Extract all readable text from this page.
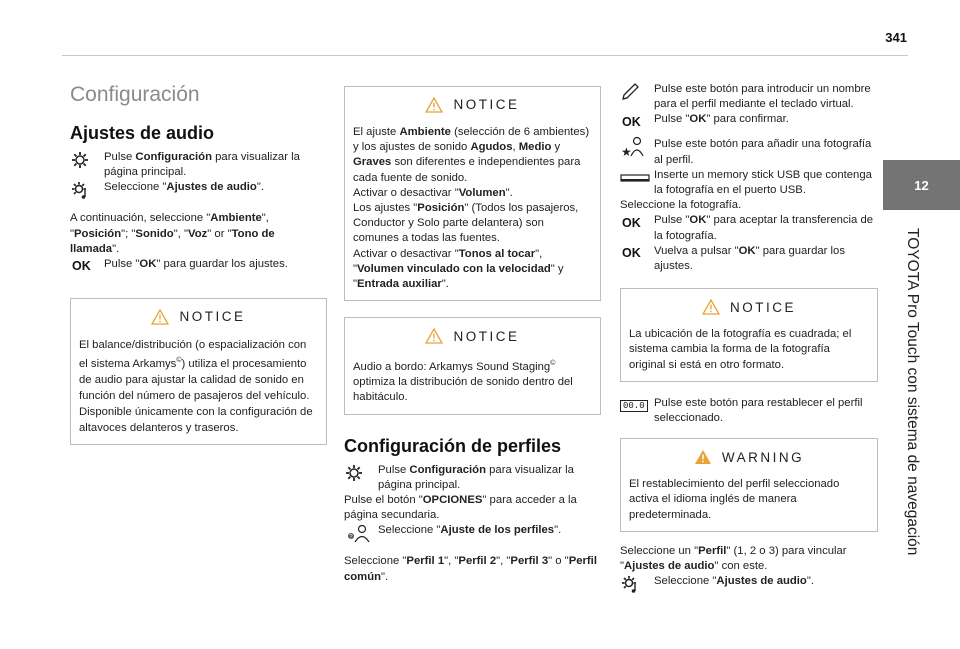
341
12
TOYOTA Pro Touch con sistema de navegación
Configuración
Ajustes de audio
Pulse Configuración para visualizar la página principal.
Seleccione "Ajustes de audio".

A continuación, seleccione "Ambiente", "Posición"; "Sonido", "Voz" or "Tono de llamada".

OK Pulse "OK" para guardar los ajustes.
NOTICE

El balance/distribución (o espacialización con el sistema Arkamys©) utiliza el procesamiento de audio para ajustar la calidad de sonido en función del número de pasajeros del vehículo.

Disponible únicamente con la configuración de altavoces delanteros y traseros.

NOTICE

El ajuste Ambiente (selección de 6 ambientes) y los ajustes de sonido Agudos, Medio y Graves son diferentes e independientes para cada fuente de sonido.

Activar o desactivar "Volumen".

Los ajustes "Posición" (Todos los pasajeros, Conductor y Solo parte delantera) son comunes a todas las fuentes.

Activar o desactivar "Tonos al tocar", "Volumen vinculado con la velocidad" y "Entrada auxiliar".

NOTICE

Audio a bordo: Arkamys Sound Staging© optimiza la distribución de sonido dentro del habitáculo.

Configuración de perfiles
Pulse Configuración para visualizar la página principal.

Pulse el botón "OPCIONES" para acceder a la página secundaria.

?
Seleccione "Ajuste de los perfiles".

Seleccione "Perfil 1", "Perfil 2", "Perfil 3" o "Perfil común".

Pulse este botón para introducir un nombre para el perfil mediante el teclado virtual.
OK Pulse "OK" para confirmar.
★
Pulse este botón para añadir una fotografía al perfil.
Inserte un memory stick USB que contenga la fotografía en el puerto USB.

Seleccione la fotografía.

OK Pulse "OK" para aceptar la transferencia de la fotografía.
OK Vuelva a pulsar "OK" para guardar los ajustes.
NOTICE

La ubicación de la fotografía es cuadrada; el sistema cambia la forma de la fotografía original si está en otro formato.

00.0 Pulse este botón para restablecer el perfil seleccionado.
WARNING

El restablecimiento del perfil seleccionado activa el idioma inglés de manera predeterminada.

Seleccione un "Perfil" (1, 2 o 3) para vincular "Ajustes de audio" con este.

Seleccione "Ajustes de audio".
